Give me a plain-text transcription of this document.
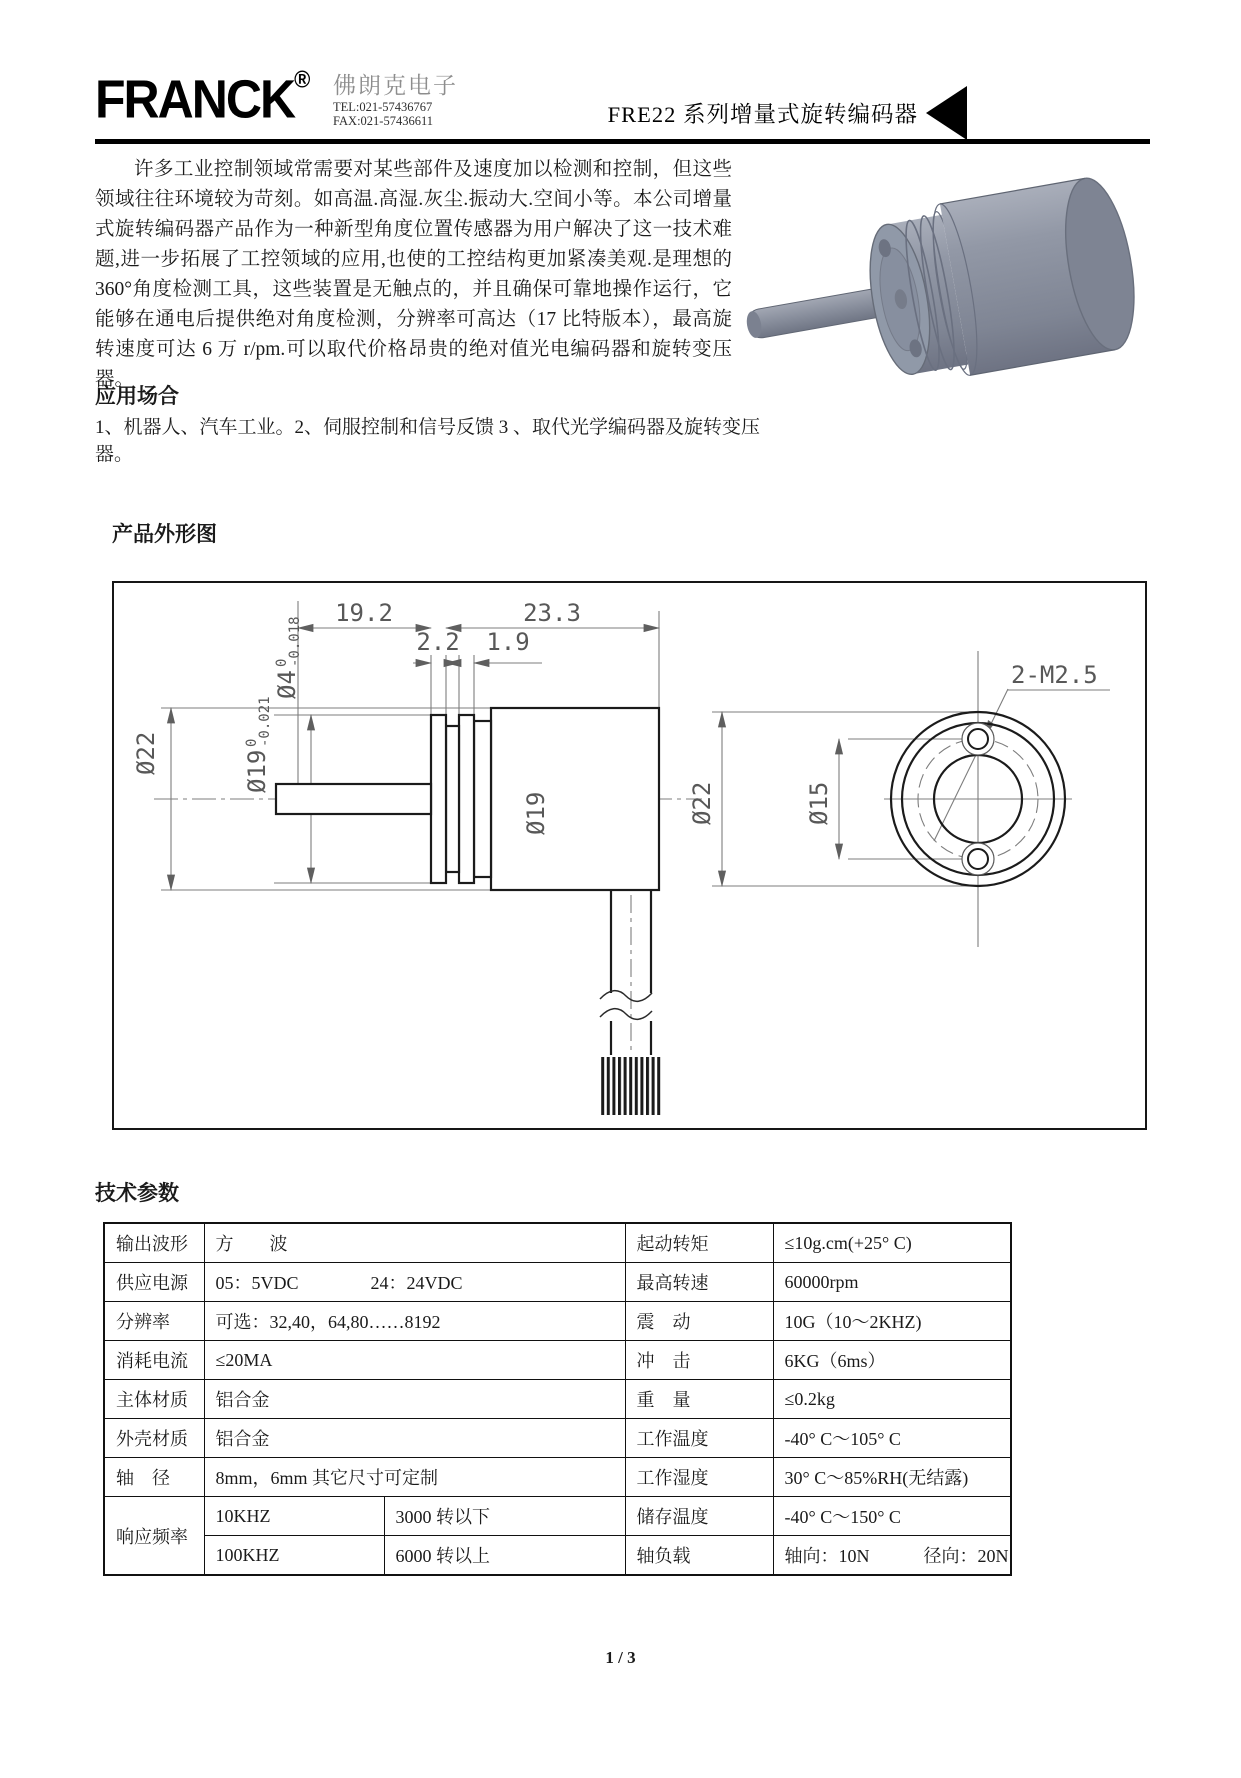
FRANCK® 佛朗克电子
TEL:021-57436767
FAX:021-57436611	FRE22 系列增量式旋转编码器
许多工业控制领域常需要对某些部件及速度加以检测和控制，但这些领域往往环境较为苛刻。如高温.高湿.灰尘.振动大.空间小等。本公司增量式旋转编码器产品作为一种新型角度位置传感器为用户解决了这一技术难题,进一步拓展了工控领域的应用,也使的工控结构更加紧凑美观.是理想的 360°角度检测工具，这些装置是无触点的，并且确保可靠地操作运行，它能够在通电后提供绝对角度检测，分辨率可高达（17 比特版本），最高旋转速度可达 6 万 r/pm.可以取代价格昂贵的绝对值光电编码器和旋转变压器。
应用场合
1、机器人、汽车工业。2、伺服控制和信号反馈 3 、取代光学编码器及旋转变压器。
产品外形图
19.2	23.3
2.2 1.9
Ø4
0
-0.018
Ø22	Ø19
0
-0.021
Ø19	Ø22	Ø15
2-M2.5
技术参数
输出波形	方　　波		起动转矩	≤10g.cm(+25° C)
供应电源	05：5VDC　　　　24：24VDC		最高转速	60000rpm
分辨率	可选：32,40，64,80……8192		震　动	10G（10～2KHZ)
消耗电流	≤20MA		冲　击	6KG（6ms）
主体材质	铝合金		重　量	≤0.2kg
外壳材质	铝合金		工作温度	-40° C～105° C
轴　径	8mm，6mm 其它尺寸可定制		工作湿度	30° C～85%RH(无结露)
响应频率	10KHZ	3000 转以下	储存温度	-40° C～150° C
	100KHZ	6000 转以上	轴负载	轴向：10N　　　径向：20N
1 / 3
